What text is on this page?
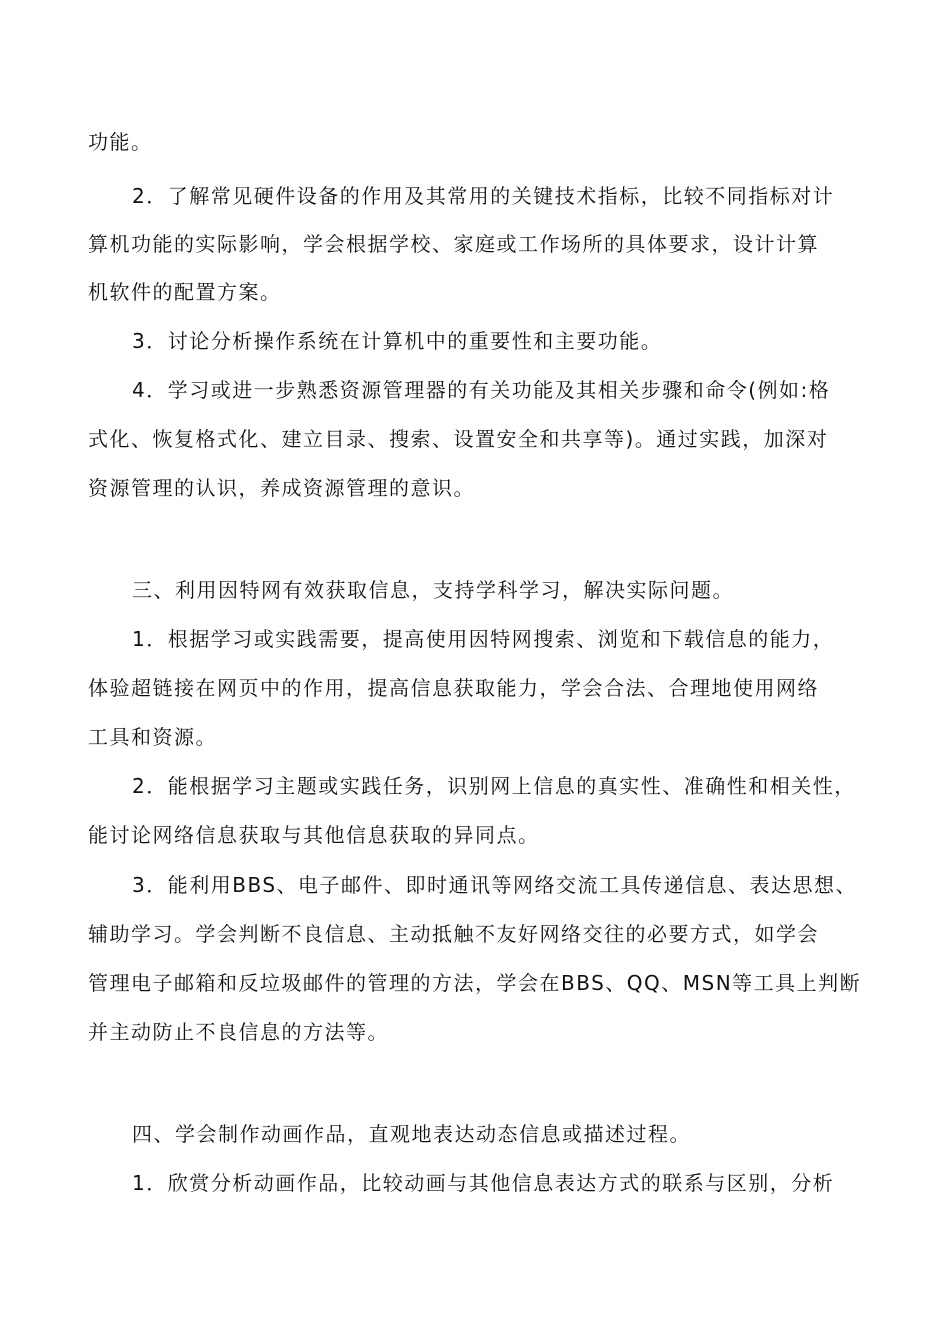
功能。
2．了解常见硬件设备的作用及其常用的关键技术指标，比较不同指标对计
算机功能的实际影响，学会根据学校、家庭或工作场所的具体要求，设计计算
机软件的配置方案。
3．讨论分析操作系统在计算机中的重要性和主要功能。
4．学习或进一步熟悉资源管理器的有关功能及其相关步骤和命令(例如:格
式化、恢复格式化、建立目录、搜索、设置安全和共享等)。通过实践，加深对
资源管理的认识，养成资源管理的意识。
三、利用因特网有效获取信息，支持学科学习，解决实际问题。
1．根据学习或实践需要，提高使用因特网搜索、浏览和下载信息的能力，
体验超链接在网页中的作用，提高信息获取能力，学会合法、合理地使用网络
工具和资源。
2．能根据学习主题或实践任务，识别网上信息的真实性、准确性和相关性，
能讨论网络信息获取与其他信息获取的异同点。
3．能利用BBS、电子邮件、即时通讯等网络交流工具传递信息、表达思想、
辅助学习。学会判断不良信息、主动抵触不友好网络交往的必要方式，如学会
管理电子邮箱和反垃圾邮件的管理的方法，学会在BBS、QQ、MSN等工具上判断
并主动防止不良信息的方法等。
四、学会制作动画作品，直观地表达动态信息或描述过程。
1．欣赏分析动画作品，比较动画与其他信息表达方式的联系与区别，分析
